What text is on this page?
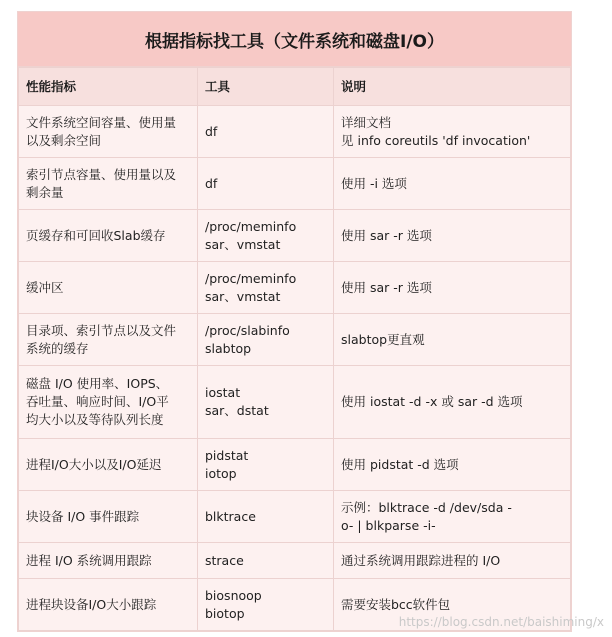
根据指标找工具（文件系统和磁盘I/O）
性能指标	工具	说明

文件系统空间容量、使用量
以及剩余空间	df	详细文档
见 info coreutils 'df invocation'

索引节点容量、使用量以及
剩余量	df	使用 -i 选项

页缓存和可回收Slab缓存	/proc/meminfo
sar、vmstat	使用 sar -r 选项

缓冲区	/proc/meminfo
sar、vmstat	使用 sar -r 选项

目录项、索引节点以及文件
系统的缓存	/proc/slabinfo
slabtop	slabtop更直观

磁盘 I/O 使用率、IOPS、
吞吐量、响应时间、I/O平
均大小以及等待队列长度	iostat
sar、dstat	使用 iostat -d -x 或 sar -d 选项

进程I/O大小以及I/O延迟	pidstat
iotop	使用 pidstat -d 选项

块设备 I/O 事件跟踪	blktrace	示例：blktrace -d /dev/sda -
o- | blkparse -i-

进程 I/O 系统调用跟踪	strace	通过系统调用跟踪进程的 I/O

进程块设备I/O大小跟踪	biosnoop
biotop	需要安装bcc软件包
https://blog.csdn.net/baishiming/x
